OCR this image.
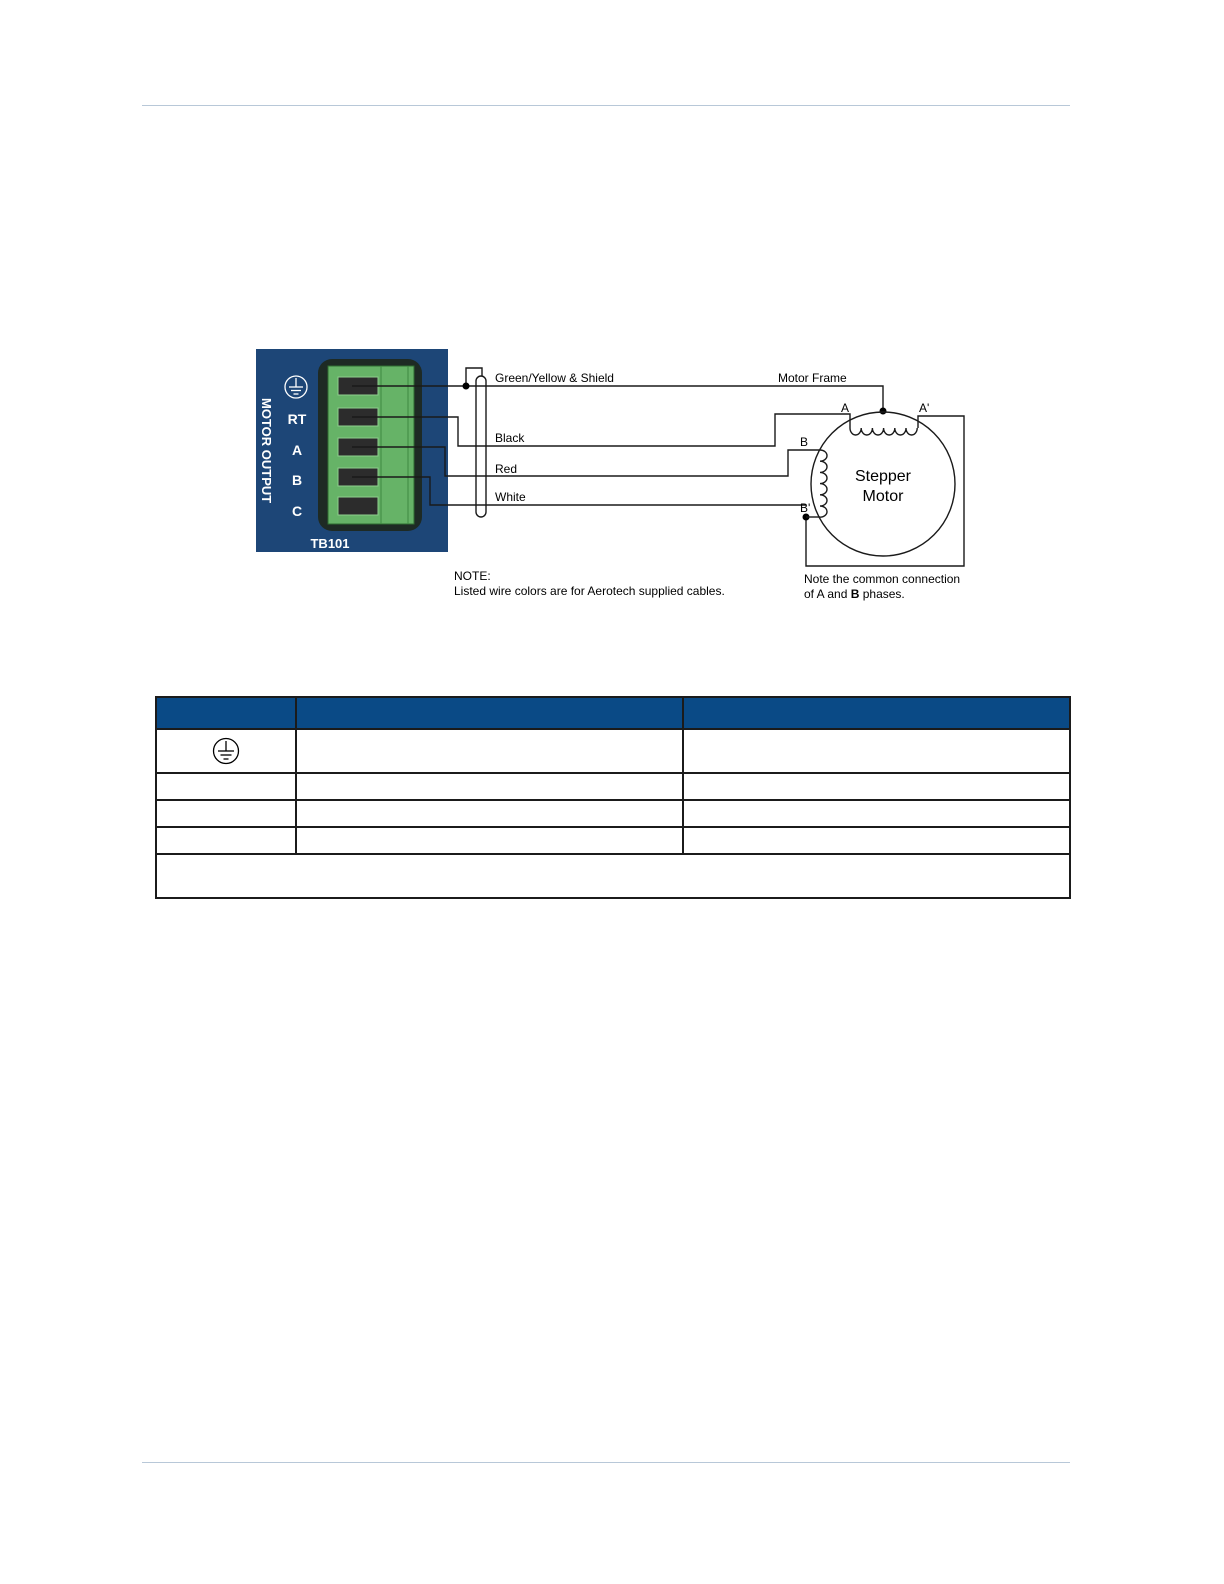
MOTOR OUTPUT RT
A
B
C
TB101
Green/Yellow & Shield
Black
Red
White
Motor Frame
A	A'
B
B'
Stepper
Motor
NOTE:
Listed wire colors are for Aerotech supplied cables.
Note the common connection
of A and B phases.
